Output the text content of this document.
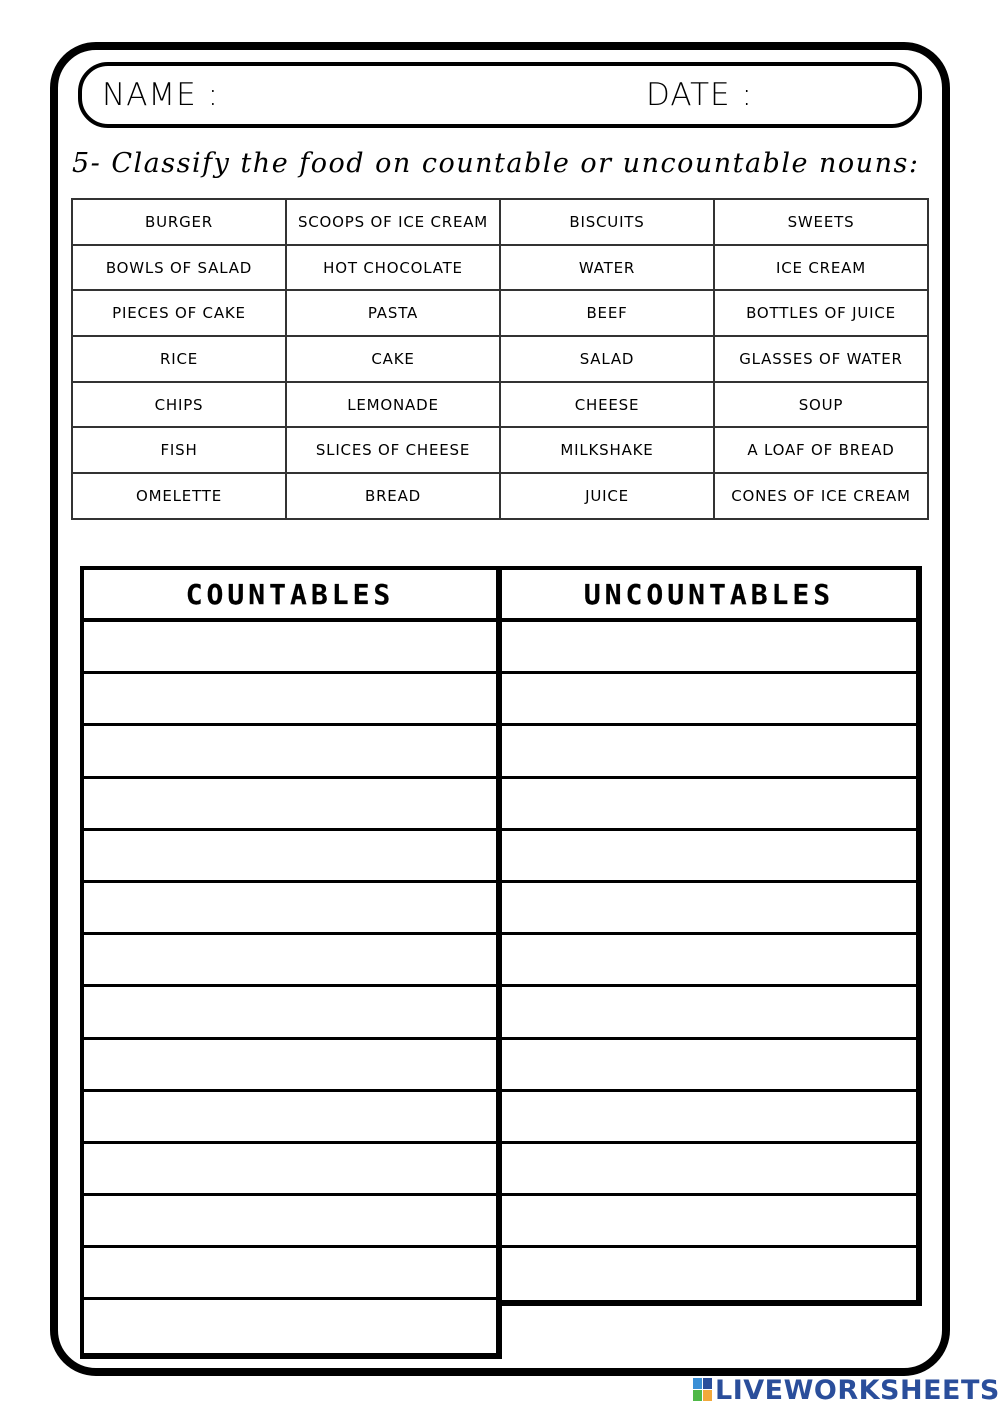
NAME :	DATE :
5- Classify the food on countable or uncountable nouns:
BURGER	SCOOPS OF ICE CREAM	BISCUITS	SWEETS
BOWLS OF SALAD	HOT CHOCOLATE	WATER	ICE CREAM
PIECES OF CAKE	PASTA	BEEF	BOTTLES OF JUICE
RICE	CAKE	SALAD	GLASSES OF WATER
CHIPS	LEMONADE	CHEESE	SOUP
FISH	SLICES OF CHEESE	MILKSHAKE	A LOAF OF BREAD
OMELETTE	BREAD	JUICE	CONES OF ICE CREAM
COUNTABLES	UNCOUNTABLES
LIVEWORKSHEETS
